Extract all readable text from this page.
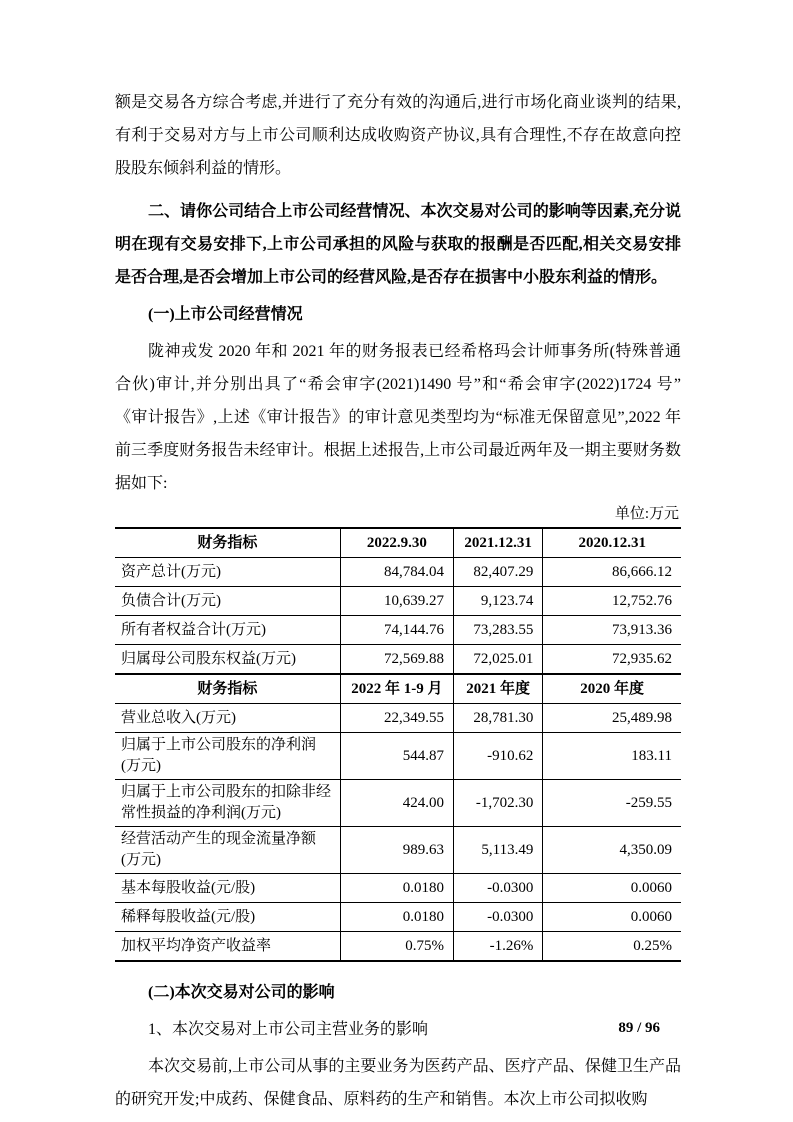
额是交易各方综合考虑,并进行了充分有效的沟通后,进行市场化商业谈判的结果,有利于交易对方与上市公司顺利达成收购资产协议,具有合理性,不存在故意向控股股东倾斜利益的情形。

二、请你公司结合上市公司经营情况、本次交易对公司的影响等因素,充分说明在现有交易安排下,上市公司承担的风险与获取的报酬是否匹配,相关交易安排是否合理,是否会增加上市公司的经营风险,是否存在损害中小股东利益的情形。

(一)上市公司经营情况

陇神戎发 2020 年和 2021 年的财务报表已经希格玛会计师事务所(特殊普通合伙)审计,并分别出具了“希会审字(2021)1490 号”和“希会审字(2022)1724 号” 《审计报告》,上述《审计报告》的审计意见类型均为“标准无保留意见”,2022 年前三季度财务报告未经审计。根据上述报告,上市公司最近两年及一期主要财务数据如下:

单位:万元
财务指标	2022.9.30	2021.12.31	2020.12.31
资产总计(万元)	84,784.04	82,407.29	86,666.12
负债合计(万元)	10,639.27	9,123.74	12,752.76
所有者权益合计(万元)	74,144.76	73,283.55	73,913.36
归属母公司股东权益(万元)	72,569.88	72,025.01	72,935.62
财务指标	2022 年 1-9 月	2021 年度	2020 年度
营业总收入(万元)	22,349.55	28,781.30	25,489.98
归属于上市公司股东的净利润(万元)	544.87	-910.62	183.11
归属于上市公司股东的扣除非经常性损益的净利润(万元)	424.00	-1,702.30	-259.55
经营活动产生的现金流量净额(万元)	989.63	5,113.49	4,350.09
基本每股收益(元/股)	0.0180	-0.0300	0.0060
稀释每股收益(元/股)	0.0180	-0.0300	0.0060
加权平均净资产收益率	0.75%	-1.26%	0.25%

(二)本次交易对公司的影响

1、本次交易对上市公司主营业务的影响

本次交易前,上市公司从事的主要业务为医药产品、医疗产品、保健卫生产品的研究开发;中成药、保健食品、原料药的生产和销售。本次上市公司拟收购

89 / 96
